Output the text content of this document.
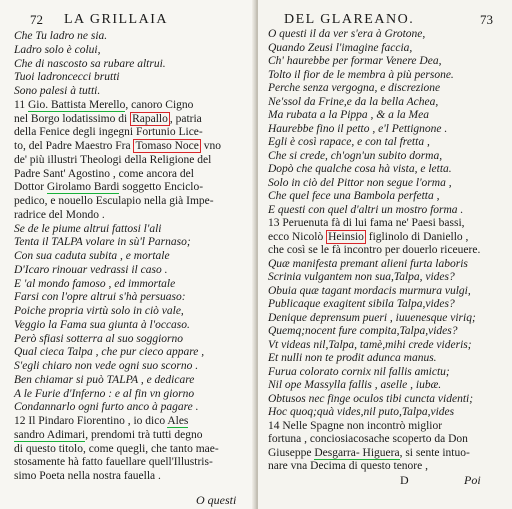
72 LA GRILLAIA
Che Tu ladro ne sia.
Ladro solo è colui,
Che di nascosto sa rubare altrui.
Tuoi ladroncecci brutti
Sono palesi à tutti.
11 Gio. Battista Merello, canoro Cigno
nel Borgo lodatissimo di Rapallo , patria
della Fenice degli ingegni Fortunio Lice-
to, del Padre Maestro Fra Tomaso Noce vno
de' più illustri Theologi della Religione del
Padre Sant' Agostino , come ancora del
Dottor Girolamo Bardi soggetto Enciclo-
pedico, e nouello Esculapio nella già Impe-
radrice del Mondo .
Se de le piume altrui fattosi l'ali
Tenta il TALPA volare in sù'l Parnaso;
Con sua caduta subita , e mortale
D'Icaro rinouar vedrassi il caso .
E 'al mondo famoso , ed immortale
Farsi con l'opre altrui s'hà persuaso:
Poiche propria virtù solo in ciò vale,
Veggio la Fama sua giunta à l'occaso.
Però sfiasi sotterra al suo soggiorno
Qual cieca Talpa , che pur cieco appare ,
S'egli chiaro non vede ogni suo scorno .
Ben chiamar si può TALPA , e dedicare
A le Furie d'Inferno : e al fin vn giorno
Condannarlo ogni furto anco à pagare .
12 Il Pindaro Fiorentino , io dico Ales
sandro Adimari, prendomi trà tutti degno
di questo titolo, come quegli, che tanto mae-
stosamente hà fatto fauellare quell'Illustris-
simo Poeta nella nostra fauella .
O questi
DEL GLAREANO.	73
O questi il da ver s'era à Grotone,
Quando Zeusi l'imagine faccia,
Ch' haurebbe per formar Venere Dea,
Tolto il fior de le membra à più persone.
Perche senza vergogna, e discrezione
Ne'ssol da Frine,e da la bella Achea,
Ma rubata a la Pippa , & a la Mea
Haurebbe fino il petto , e'l Pettignone .
Egli è così rapace, e con tal fretta ,
Che si crede, ch'ogn'un subito dorma,
Dopò che qualche cosa hà vista, e letta.
Solo in ciò del Pittor non segue l'orma ,
Che quel fece una Bambola perfetta ,
E questi con quel d'altri un mostro forma .
13 Peruenuta fà di lui fama ne' Paesi bassi,
ecco Nicolò Heinsio figlinolo di Daniello ,
che così se le fà incontro per douerlo riceuere.
Quæ manifesta premant alieni furta laboris
Scrinia vulgantem non sua,Talpa, vides?
Obuia quæ tagant mordacis murmura vulgi,
Publicaque exagitent sibila Talpa,vides?
Denique deprensum pueri , iuuenesque viriq;
Quemq;nocent fure compita,Talpa,vides?
Vt videas nil,Talpa, tamè,mihi crede videris;
Et nulli non te prodit adunca manus.
Furua colorato cornix nil fallis amictu;
Nil ope Massylla fallis , aselle , iubæ.
Obtusos nec finge oculos tibi cuncta videnti;
Hoc quoq;quà vides,nil puto,Talpa,vides
14 Nelle Spagne non incontrò miglior
fortuna , conciosiacosache scoperto da Don
Giuseppe Desgarra- Higuera, si sente intuo-
nare vna Decima di questo tenore ,
D	Poi
